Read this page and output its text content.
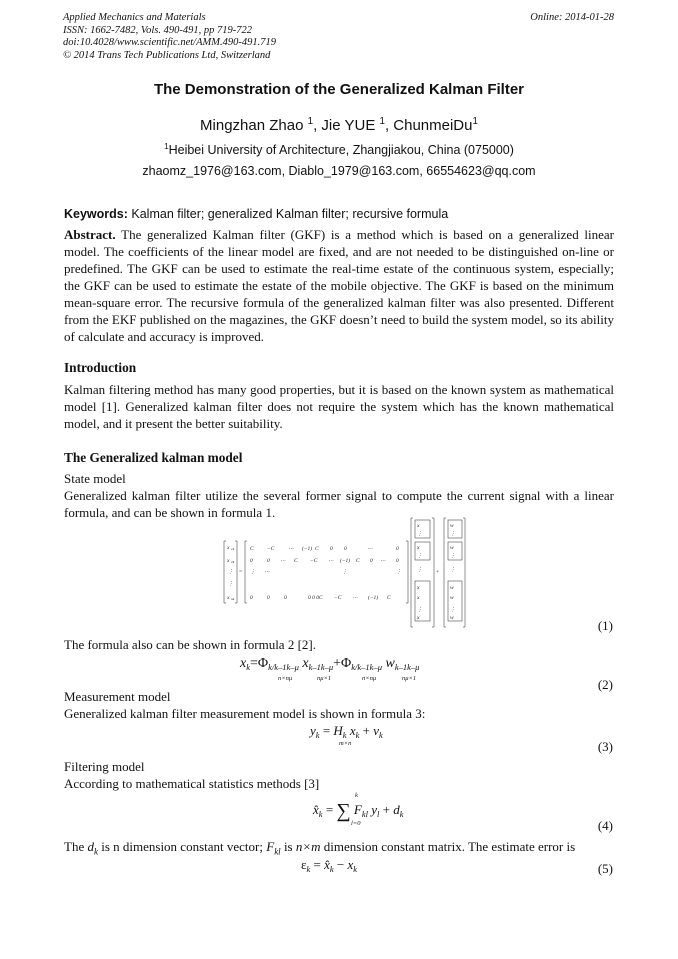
Applied Mechanics and Materials
ISSN: 1662-7482, Vols. 490-491, pp 719-722
doi:10.4028/www.scientific.net/AMM.490-491.719
© 2014 Trans Tech Publications Ltd, Switzerland
Online: 2014-01-28
The Demonstration of the Generalized Kalman Filter
Mingzhan Zhao $^1$, Jie YUE $^1$, ChunmeiDu$^1$
$^1$Heibei University of Architecture, Zhangjiakou, China (075000)
zhaomz_1976@163.com, Diablo_1979@163.com, 66554623@qq.com
Keywords: Kalman filter; generalized Kalman filter; recursive formula
Abstract. The generalized Kalman filter (GKF) is a method which is based on a generalized linear model. The coefficients of the linear model are fixed, and are not needed to be distinguished on-line or predefined. The GKF can be used to estimate the real-time estate of the continuous system, especially; the GKF can be used to estimate the estate of the mobile objective. The GKF is based on the minimum mean-square error. The recursive formula of the generalized kalman filter was also presented. Different from the EKF published on the magazines, the GKF doesn’t need to build the system model, so its ability of calculate and accuracy is improved.
Introduction
Kalman filtering method has many good properties, but it is based on the known system as mathematical model [1]. Generalized kalman filter does not require the system which has the known mathematical model, and it present the better suitability.
The Generalized kalman model
State model
Generalized kalman filter utilize the several former signal to compute the current signal with a linear formula, and can be shown in formula 1.
x 1k
x 2k
⋮
⋮
x nk
=
C −C ⋯ (−1) C 0 0	⋯	0
0	0 ⋯ C −C ⋯ (−1) C 0 ⋯ 0
⋮ ⋯	⋮	⋮
0	0	0	0 0 0C −C ⋯ (−1) C
x
⋮
x
⋮
⋮
x
x
⋮
x
+
w
⋮
w
⋮
⋮
w
w
⋮
w	(1)
The formula also can be shown in formula 2 [2].
$x_k=\Phi_{k/k-1k-\mu}$ $x_{k-1k-\mu}+\Phi_{k/k-1k-\mu}$ $w_{k-1k-\mu}$
n×nμ	nμ×1	n×nμ	nμ×1	(2)
Measurement model
Generalized kalman filter measurement model is shown in formula 3:
$y_k = H_k$ $x_k + v_k$
m×n	(3)
Filtering model
According to mathematical statistics methods [3]
$x̂_k$ = ∑ $F_{kl}$ $y_l + d_k$
k
l=0	(4)
The $d_k$ is n dimension constant vector; $F_{kl}$ is n×m dimension constant matrix. The estimate error is
$\varepsilon_k$ = $x̂_k - x_k$	(5)
